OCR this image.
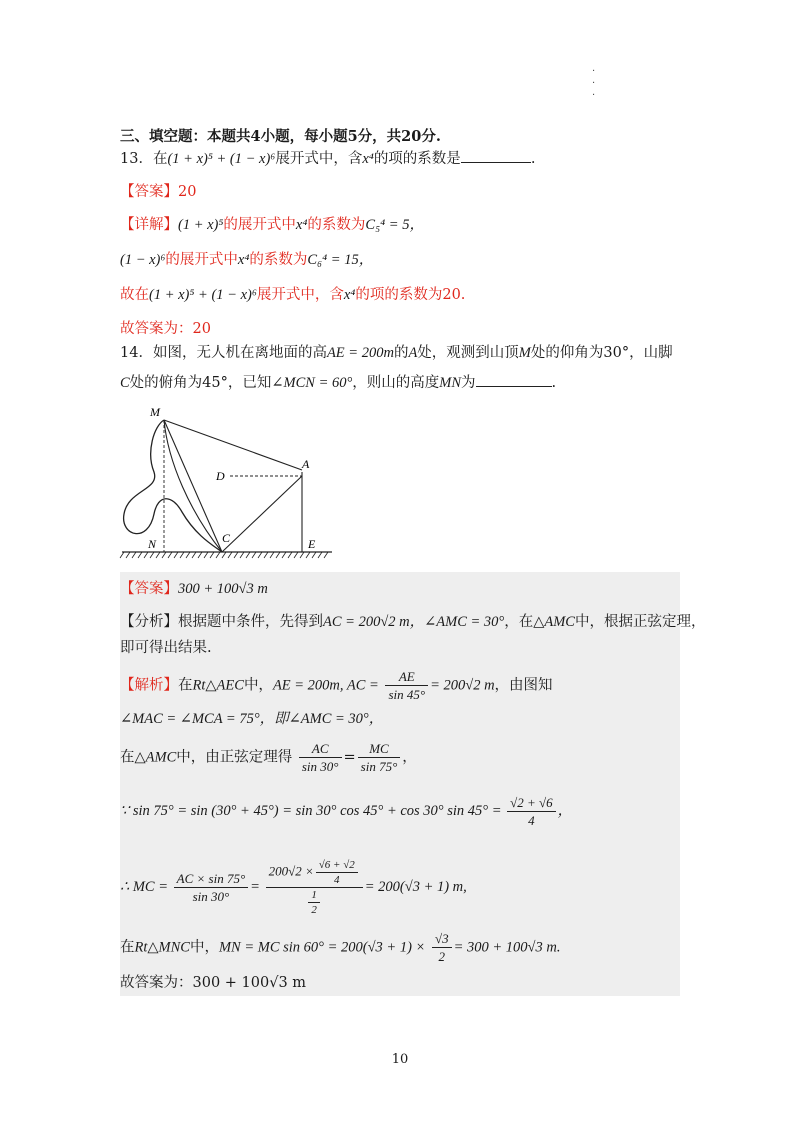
·
·
·
三、填空题：本题共4小题，每小题5分，共20分.
13．在(1 + x)⁵ + (1 − x)⁶展开式中，含x⁴的项的系数是	.
【答案】20
【详解】(1 + x)⁵的展开式中x⁴的系数为C₅⁴ = 5，
(1 − x)⁶的展开式中x⁴的系数为C₆⁴ = 15，
故在(1 + x)⁵ + (1 − x)⁶展开式中，含x⁴的项的系数为20.
故答案为：20
14．如图，无人机在离地面的高AE = 200m的A处，观测到山顶M处的仰角为30°，山脚
C处的俯角为45°，已知∠MCN = 60°，则山的高度MN为	.
M
A
D
N	C	E
【答案】300 + 100√3 m
【分析】根据题中条件，先得到AC = 200√2 m，∠AMC = 30°，在△AMC中，根据正弦定理，
即可得出结果.
【解析】在Rt△AEC中，AE = 200m, AC = $\frac{AE}{\sin 45^\circ} = 200√2$ m，由图知
∠MAC = ∠MCA = 75°，即∠AMC = 30°，
在△AMC中，由正弦定理得 $\frac{AC}{\sin 30^\circ} = \frac{MC}{\sin 75^\circ}$ ，
∵ sin 75° = sin (30° + 45°) = sin 30° cos 45° + cos 30° $\sin 45^\circ = \frac{√2 + √6}{4}$ ，
∴ MC = $\frac{AC \times \sin 75^\circ}{\sin 30^\circ} = \frac{200√2 \times \frac{√6 + √2}{4}}{\frac{1}{2}} = 200(√3 + 1)$ m,
在Rt△MNC中，MN = MC $\sin 60^\circ = 200(√3 + 1) \times \frac{√3}{2} = 300 + 100√3$ m.
故答案为：300 + 100√3 m
10
